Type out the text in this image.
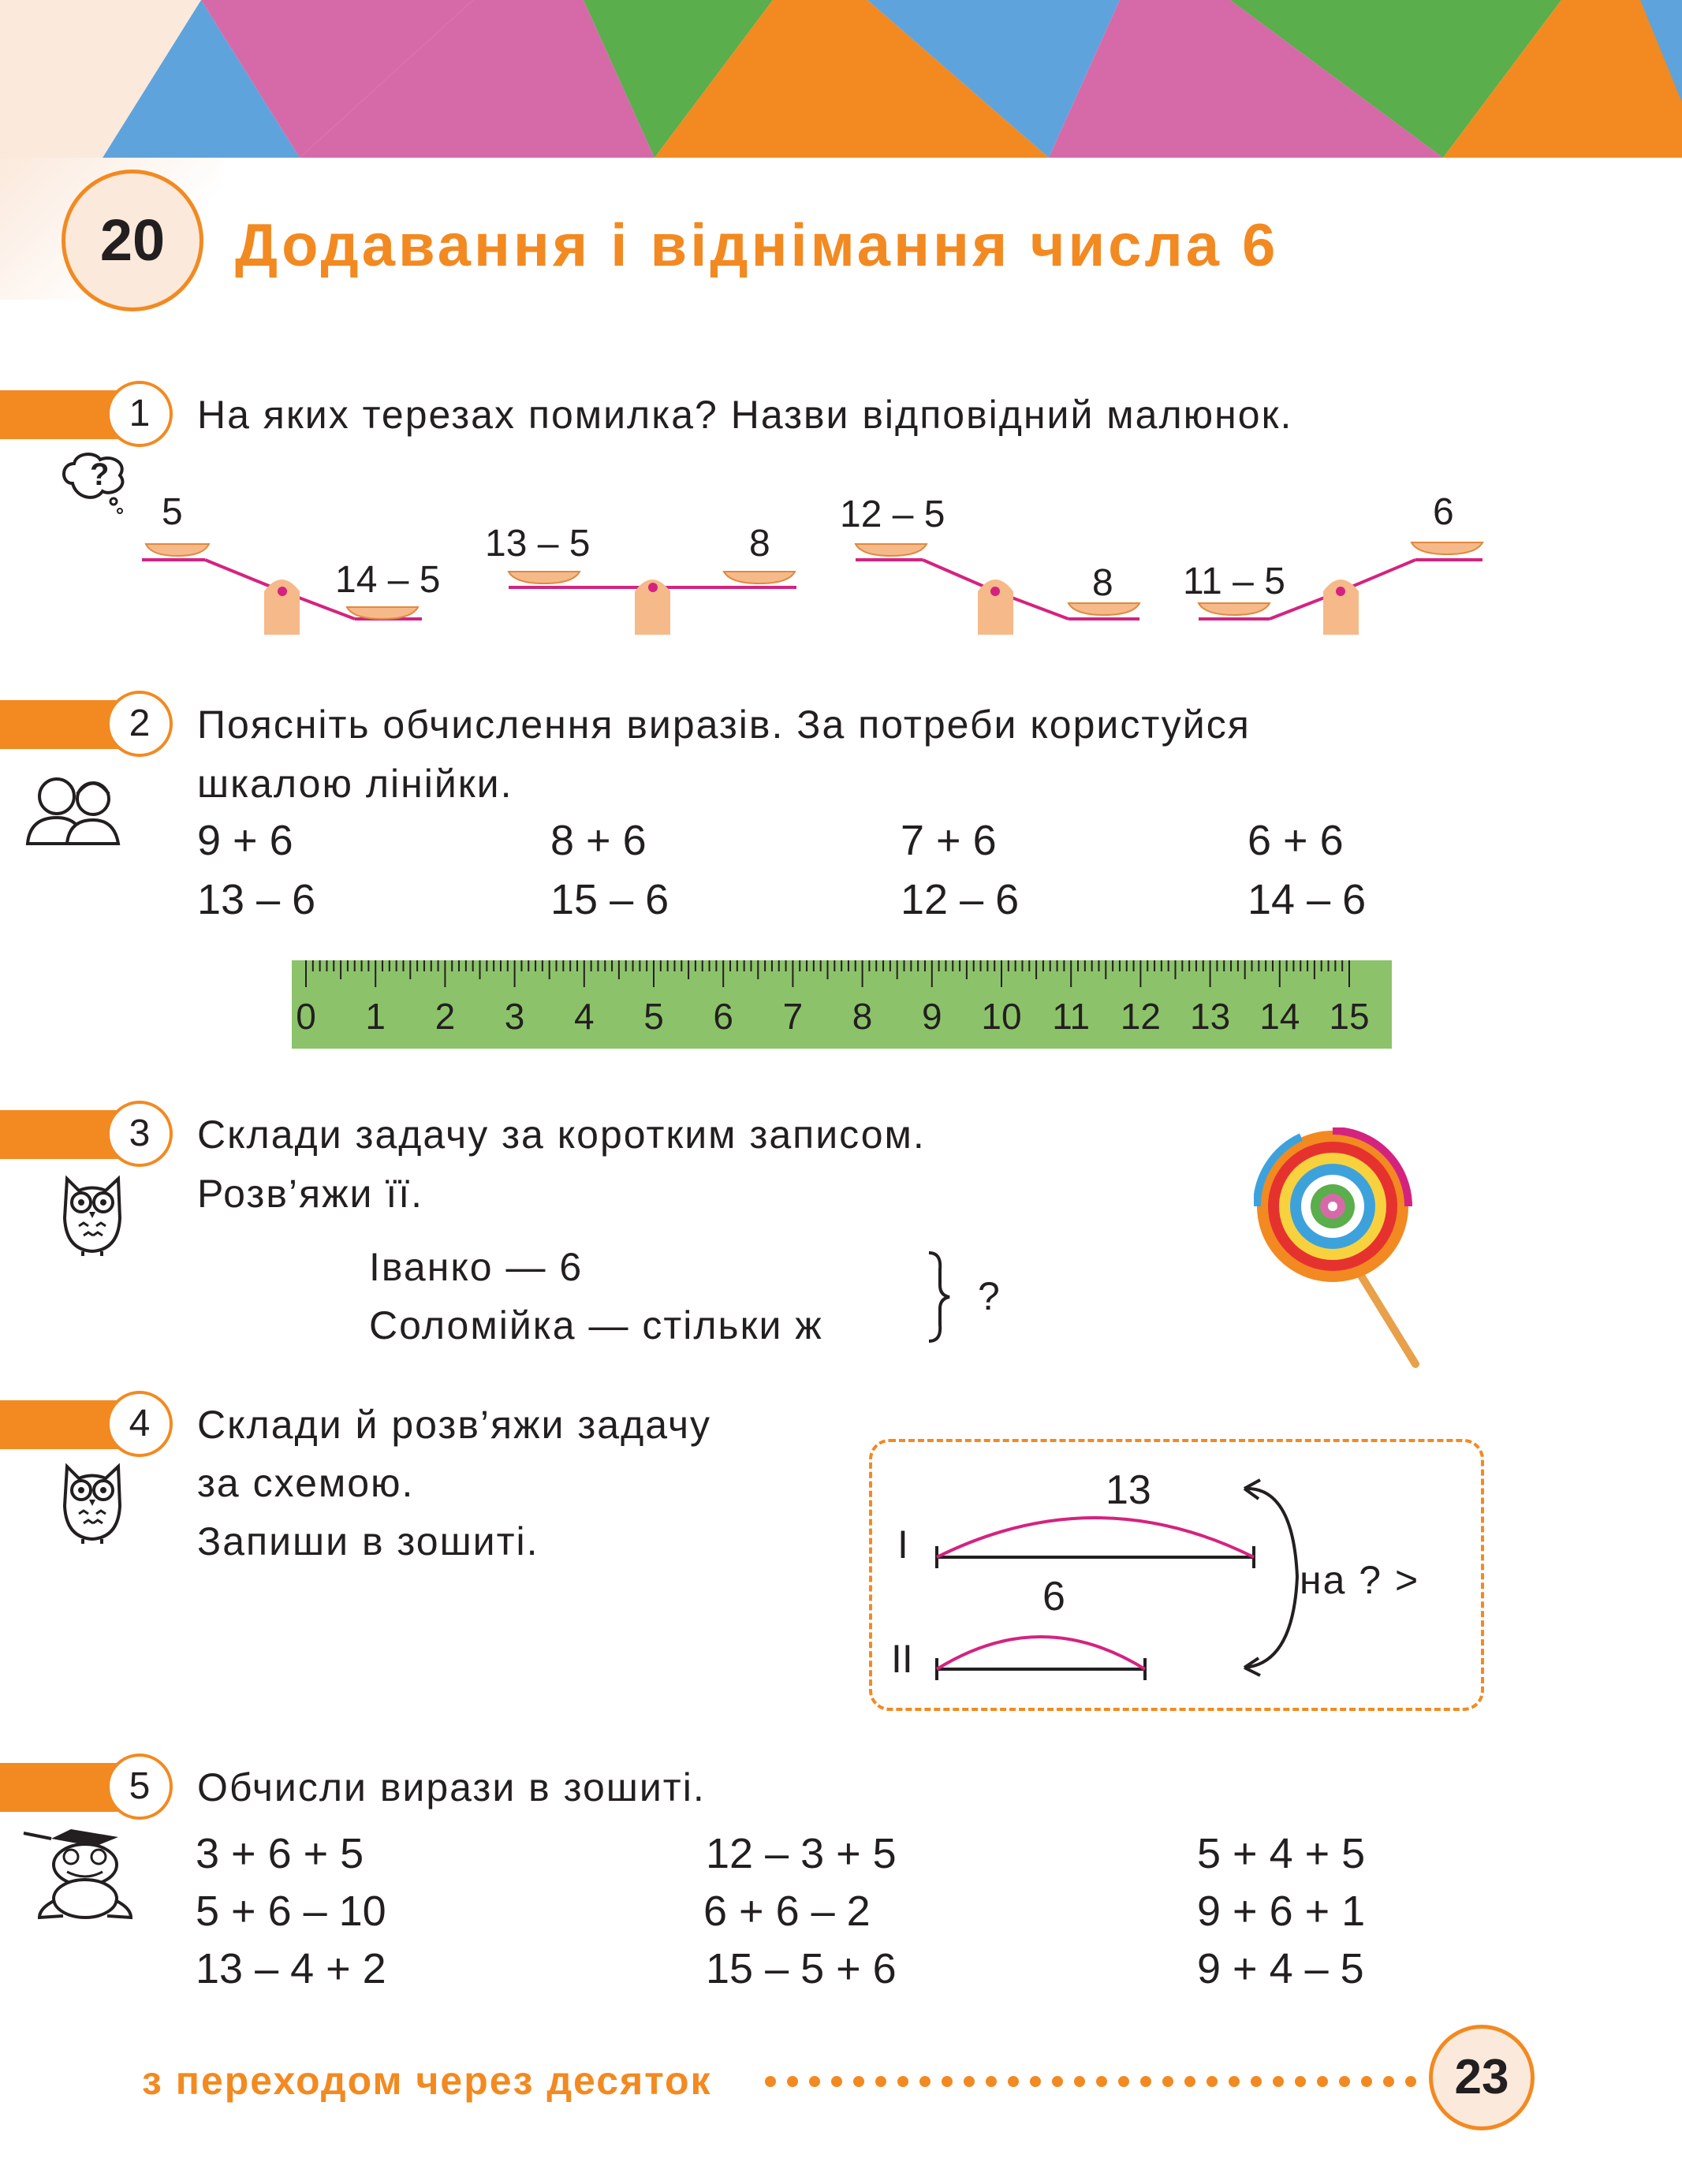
20	Додавання і віднімання числа 6
1	На яких терезах помилка? Назви відповідний малюнок.
?
5
14 – 5
13 – 5	8
12 – 5
8 11 – 5
6
2	Поясніть обчислення виразів. За потреби користуйся
шкалою лінійки.
9 + 6	8 + 6	7 + 6	6 + 6
13 – 6	15 – 6	12 – 6	14 – 6
0	1	2	3	4	5	6	7	8	9	10 11 12 13 14 15
3	Склади задачу за коротким записом.
Розв’яжи її.
Іванко — 6
Соломійка — стільки ж
?
4	Склади й розв’яжи задачу
за схемою.
Запиши в зошиті.	І
ІІ
13
6	на ? >
5	Обчисли вирази в зошиті.
3 + 6 + 5	12 – 3 + 5	5 + 4 + 5
5 + 6 – 10	6 + 6 – 2	9 + 6 + 1
13 – 4 + 2	15 – 5 + 6	9 + 4 – 5
з переходом через десяток	23
